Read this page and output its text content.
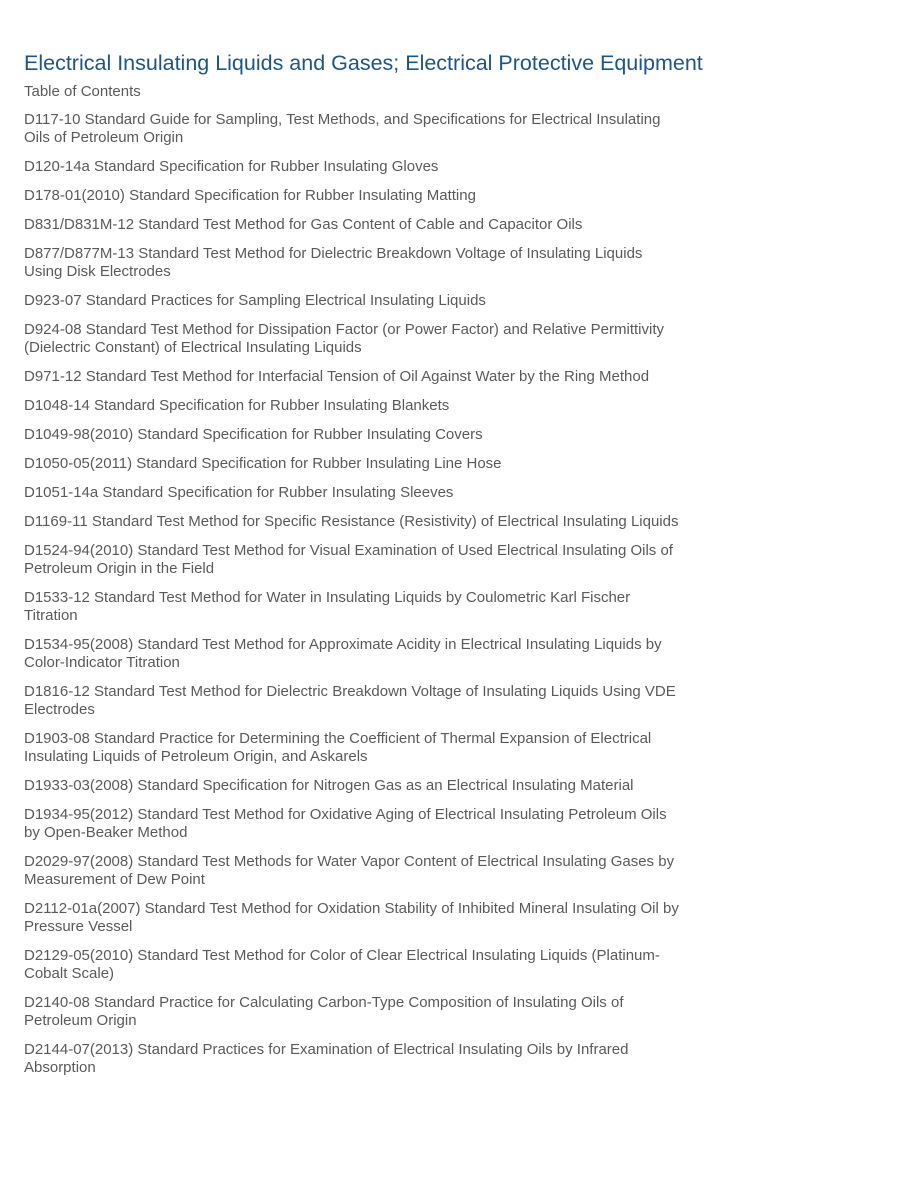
Electrical Insulating Liquids and Gases; Electrical Protective Equipment
Table of Contents
D117-10 Standard Guide for Sampling, Test Methods, and Specifications for Electrical Insulating Oils of Petroleum Origin
D120-14a Standard Specification for Rubber Insulating Gloves
D178-01(2010) Standard Specification for Rubber Insulating Matting
D831/D831M-12 Standard Test Method for Gas Content of Cable and Capacitor Oils
D877/D877M-13 Standard Test Method for Dielectric Breakdown Voltage of Insulating Liquids Using Disk Electrodes
D923-07 Standard Practices for Sampling Electrical Insulating Liquids
D924-08 Standard Test Method for Dissipation Factor (or Power Factor) and Relative Permittivity (Dielectric Constant) of Electrical Insulating Liquids
D971-12 Standard Test Method for Interfacial Tension of Oil Against Water by the Ring Method
D1048-14 Standard Specification for Rubber Insulating Blankets
D1049-98(2010) Standard Specification for Rubber Insulating Covers
D1050-05(2011) Standard Specification for Rubber Insulating Line Hose
D1051-14a Standard Specification for Rubber Insulating Sleeves
D1169-11 Standard Test Method for Specific Resistance (Resistivity) of Electrical Insulating Liquids
D1524-94(2010) Standard Test Method for Visual Examination of Used Electrical Insulating Oils of Petroleum Origin in the Field
D1533-12 Standard Test Method for Water in Insulating Liquids by Coulometric Karl Fischer Titration
D1534-95(2008) Standard Test Method for Approximate Acidity in Electrical Insulating Liquids by Color-Indicator Titration
D1816-12 Standard Test Method for Dielectric Breakdown Voltage of Insulating Liquids Using VDE Electrodes
D1903-08 Standard Practice for Determining the Coefficient of Thermal Expansion of Electrical Insulating Liquids of Petroleum Origin, and Askarels
D1933-03(2008) Standard Specification for Nitrogen Gas as an Electrical Insulating Material
D1934-95(2012) Standard Test Method for Oxidative Aging of Electrical Insulating Petroleum Oils by Open-Beaker Method
D2029-97(2008) Standard Test Methods for Water Vapor Content of Electrical Insulating Gases by Measurement of Dew Point
D2112-01a(2007) Standard Test Method for Oxidation Stability of Inhibited Mineral Insulating Oil by Pressure Vessel
D2129-05(2010) Standard Test Method for Color of Clear Electrical Insulating Liquids (Platinum-Cobalt Scale)
D2140-08 Standard Practice for Calculating Carbon-Type Composition of Insulating Oils of Petroleum Origin
D2144-07(2013) Standard Practices for Examination of Electrical Insulating Oils by Infrared Absorption
